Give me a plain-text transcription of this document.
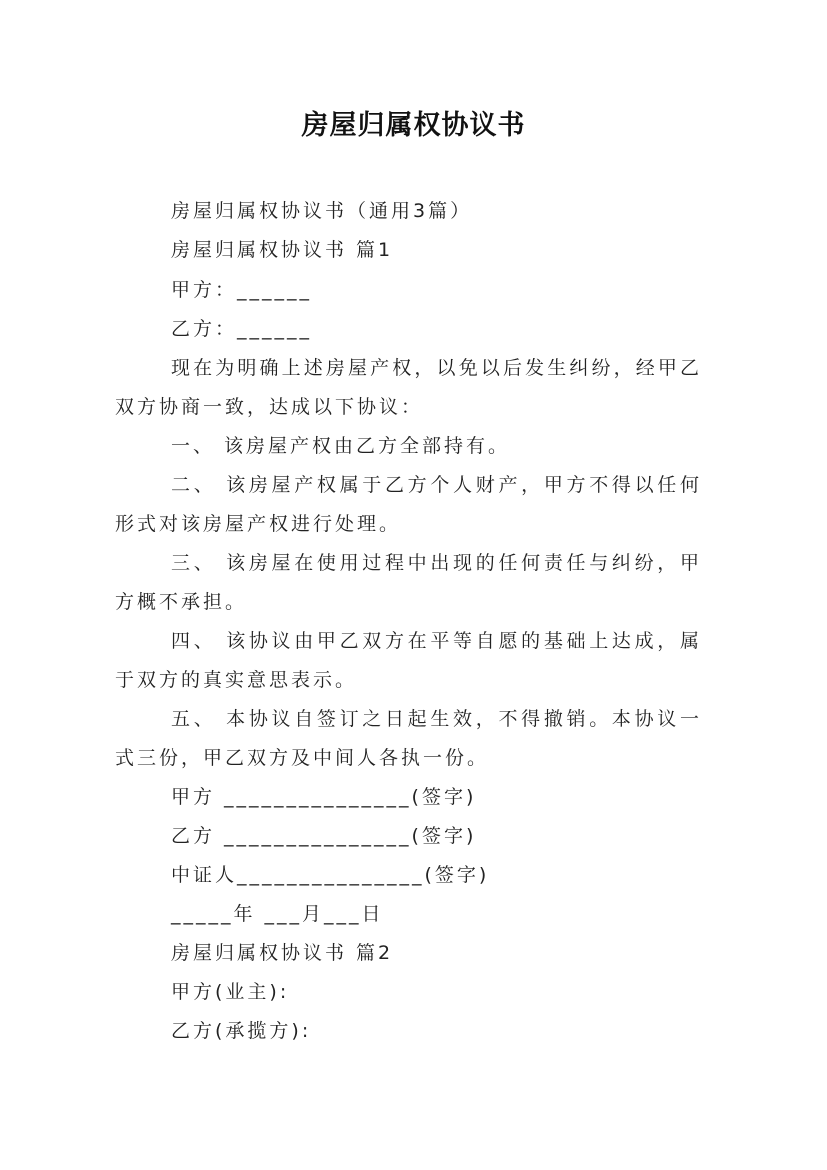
房屋归属权协议书
房屋归属权协议书（通用3篇）
房屋归属权协议书 篇1
甲方：______
乙方：______
现在为明确上述房屋产权，以免以后发生纠纷，经甲乙
双方协商一致，达成以下协议：
一、 该房屋产权由乙方全部持有。
二、 该房屋产权属于乙方个人财产，甲方不得以任何
形式对该房屋产权进行处理。
三、 该房屋在使用过程中出现的任何责任与纠纷，甲
方概不承担。
四、 该协议由甲乙双方在平等自愿的基础上达成，属
于双方的真实意思表示。
五、 本协议自签订之日起生效，不得撤销。本协议一
式三份，甲乙双方及中间人各执一份。
甲方 _______________(签字)
乙方 _______________(签字)
中证人_______________(签字)
_____年 ___月___日
房屋归属权协议书 篇2
甲方(业主):
乙方(承揽方):
